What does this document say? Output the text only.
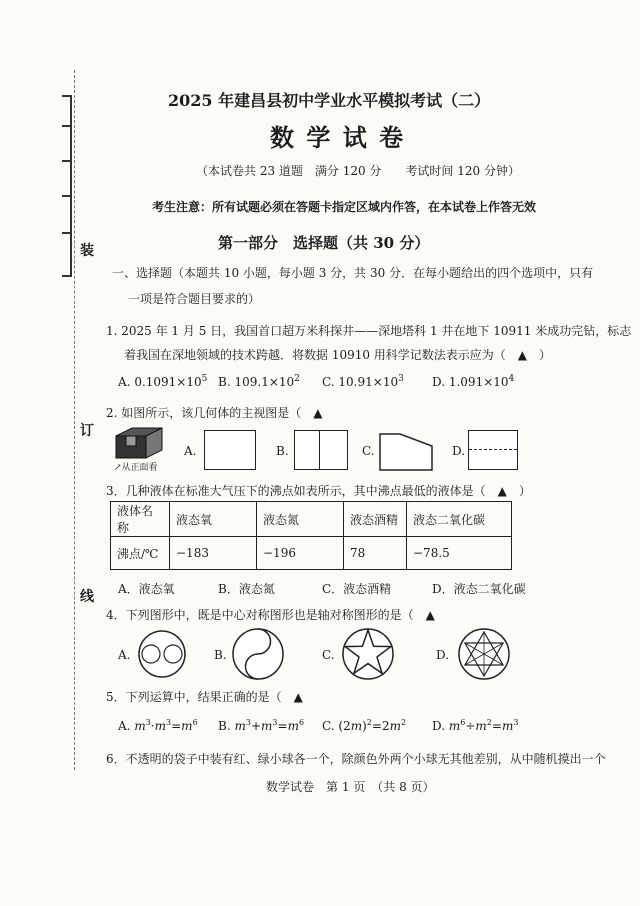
装
订
线
2025 年建昌县初中学业水平模拟考试（二）
数 学 试 卷
（本试卷共 23 道题　满分 120 分　　考试时间 120 分钟）
考生注意：所有试题必须在答题卡指定区域内作答，在本试卷上作答无效
第一部分　选择题（共 30 分）
一、选择题（本题共 10 小题，每小题 3 分，共 30 分．在每小题给出的四个选项中，只有
一项是符合题目要求的）
1. 2025 年 1 月 5 日，我国首口超万米科探井——深地塔科 1 井在地下 10911 米成功完钻，标志
着我国在深地领域的技术跨越．将数据 10910 用科学记数法表示应为（　▲　）
A. $0.1091\times 10^5$ B. $109.1\times 10^2$ C. $10.91\times 10^3$ D. $1.091\times 10^4$
2. 如图所示，该几何体的主视图是（　▲
↗从正面看
A.	B.	C.	D.
3．几种液体在标准大气压下的沸点如表所示，其中沸点最低的液体是（　▲　）
液体名称	液态氧	液态氮	液态酒精	液态二氧化碳
沸点/℃	−183	−196	78	−78.5
A．液态氧	B．液态氮	C．液态酒精	D．液态二氧化碳
4．下列图形中，既是中心对称图形也是轴对称图形的是（　▲
A.	B.	C.	D.
5．下列运算中，结果正确的是（　▲
A. $m^3\cdot m^3=m^6$ B. $m^3+m^3=m^6$ C. $(2m)^2=2m^2$ D. $m^6\div m^2=m^3$
6．不透明的袋子中装有红、绿小球各一个，除颜色外两个小球无其他差别，从中随机摸出一个
数学试卷　第 1 页　（共 8 页）
